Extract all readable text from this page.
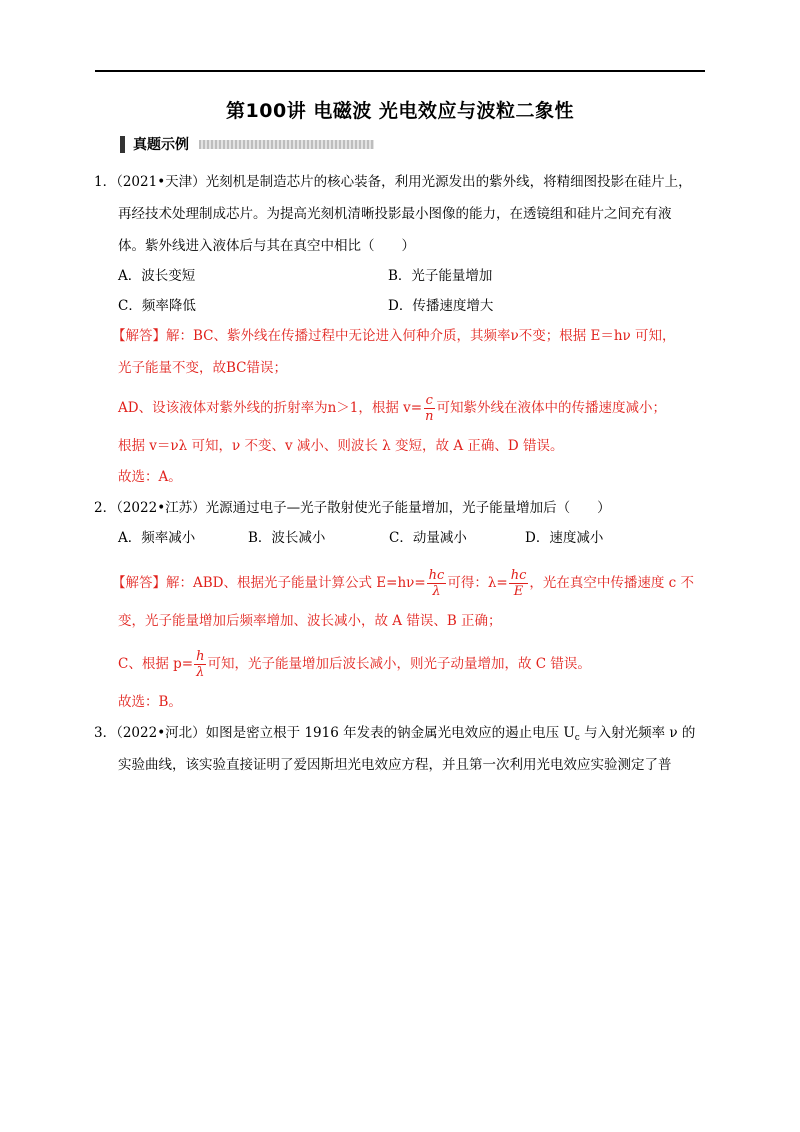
第100讲 电磁波 光电效应与波粒二象性
真题示例
1．（2021•天津）光刻机是制造芯片的核心装备，利用光源发出的紫外线，将精细图投影在硅片上，
再经技术处理制成芯片。为提高光刻机清晰投影最小图像的能力，在透镜组和硅片之间充有液
体。紫外线进入液体后与其在真空中相比（　　）
A．波长变短	B．光子能量增加
C．频率降低	D．传播速度增大
【解答】解：BC、紫外线在传播过程中无论进入何种介质，其频率ν不变；根据 E＝hν 可知，
光子能量不变，故BC错误；
AD、设该液体对紫外线的折射率为n＞1，根据 $v= \frac{c}{n}$ 可知紫外线在液体中的传播速度减小；
根据 v＝νλ 可知，ν 不变、v 减小、则波长 λ 变短，故 A 正确、D 错误。
故选：A。
2．（2022•江苏）光源通过电子—光子散射使光子能量增加，光子能量增加后（　　）
A．频率减小	B．波长减小	C．动量减小	D．速度减小
【解答】解：ABD、根据光子能量计算公式 $E=h\nu= \frac{hc}{\lambda}$ 可得：$\lambda= \frac{hc}{E}$ ，光在真空中传播速度 c 不
变，光子能量增加后频率增加、波长减小，故 A 错误、B 正确；
C、根据 $p= \frac{h}{\lambda}$ 可知，光子能量增加后波长减小，则光子动量增加，故 C 错误。
故选：B。
3．（2022•河北）如图是密立根于 1916 年发表的钠金属光电效应的遏止电压 $U_c$ 与入射光频率 ν 的
实验曲线，该实验直接证明了爱因斯坦光电效应方程，并且第一次利用光电效应实验测定了普
